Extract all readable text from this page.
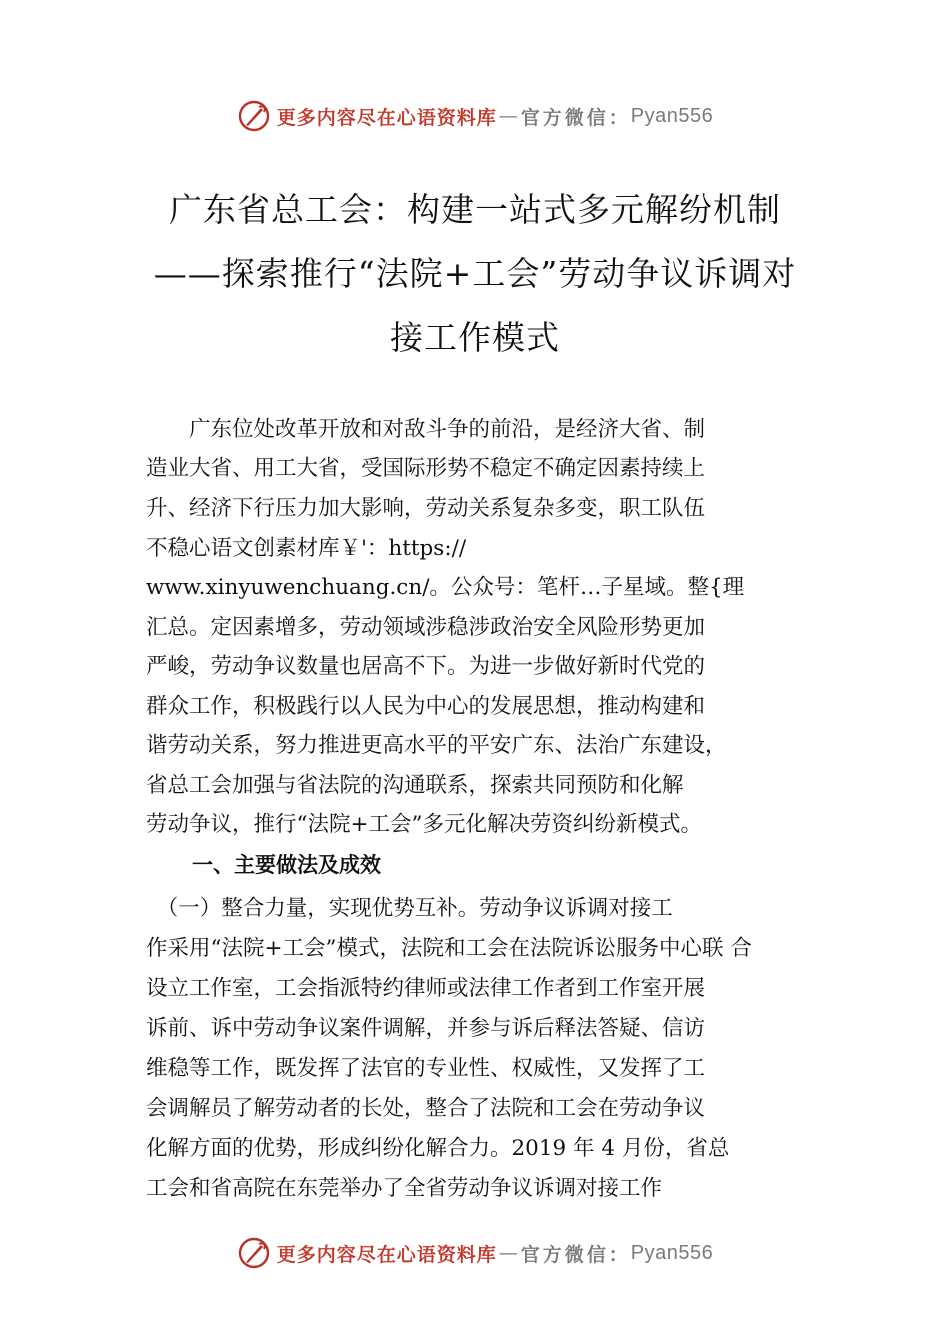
更多内容尽在心语资料库 — 官方微信： Pyan556
广东省总工会：构建一站式多元解纷机制
——探索推行“法院+工会”劳动争议诉调对
接工作模式
　　广东位处改革开放和对敌斗争的前沿，是经济大省、制
造业大省、用工大省，受国际形势不稳定不确定因素持续上
升、经济下行压力加大影响，劳动关系复杂多变，职工队伍
不稳心语文创素材库￥'：https://
www.xinyuwenchuang.cn/。公众号：笔杆…子星域。整{理
汇总。定因素增多，劳动领域涉稳涉政治安全风险形势更加
严峻，劳动争议数量也居高不下。为进一步做好新时代党的
群众工作，积极践行以人民为中心的发展思想，推动构建和
谐劳动关系，努力推进更高水平的平安广东、法治广东建设，
省总工会加强与省法院的沟通联系，探索共同预防和化解
劳动争议，推行“法院+工会”多元化解决劳资纠纷新模式。
一、主要做法及成效
　（一）整合力量，实现优势互补。劳动争议诉调对接工
作采用“法院+工会”模式，法院和工会在法院诉讼服务中心联 合
设立工作室，工会指派特约律师或法律工作者到工作室开展
诉前、诉中劳动争议案件调解，并参与诉后释法答疑、信访
维稳等工作，既发挥了法官的专业性、权威性，又发挥了工
会调解员了解劳动者的长处，整合了法院和工会在劳动争议
化解方面的优势，形成纠纷化解合力。2019 年 4 月份，省总
工会和省高院在东莞举办了全省劳动争议诉调对接工作
更多内容尽在心语资料库 — 官方微信： Pyan556
